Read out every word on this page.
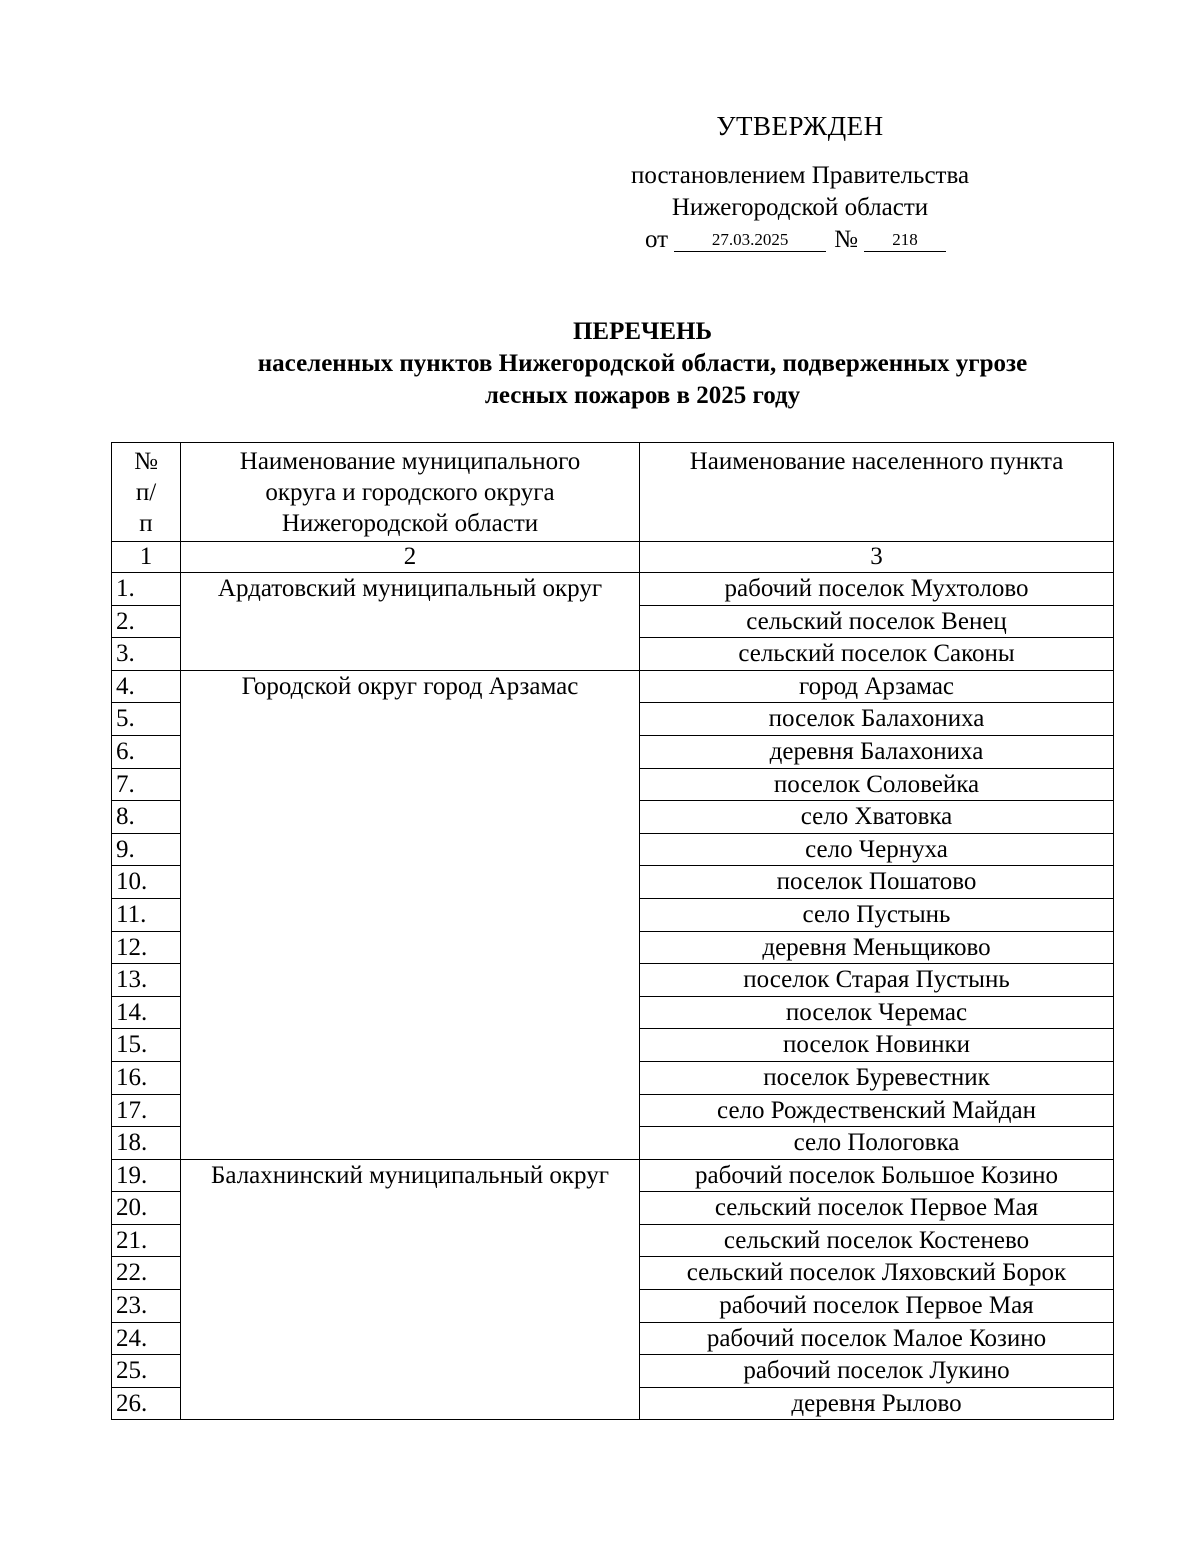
УТВЕРЖДЕН
постановлением Правительства
Нижегородской области
от	27.03.2025 № 218
ПЕРЕЧЕНЬ
населенных пунктов Нижегородской области, подверженных угрозе
лесных пожаров в 2025 году
№ п/п	Наименование муниципального округа и городского округа Нижегородской области	Наименование населенного пункта
1	2	3
1.	Ардатовский муниципальный округ	рабочий поселок Мухтолово
2.		сельский поселок Венец
3.		сельский поселок Саконы
4.	Городской округ город Арзамас	город Арзамас
5.		поселок Балахониха
6.		деревня Балахониха
7.		поселок Соловейка
8.		село Хватовка
9.		село Чернуха
10.		поселок Пошатово
11.		село Пустынь
12.		деревня Меньщиково
13.		поселок Старая Пустынь
14.		поселок Черемас
15.		поселок Новинки
16.		поселок Буревестник
17.		село Рождественский Майдан
18.		село Пологовка
19.	Балахнинский муниципальный округ	рабочий поселок Большое Козино
20.		сельский поселок Первое Мая
21.		сельский поселок Костенево
22.		сельский поселок Ляховский Борок
23.		рабочий поселок Первое Мая
24.		рабочий поселок Малое Козино
25.		рабочий поселок Лукино
26.		деревня Рылово
